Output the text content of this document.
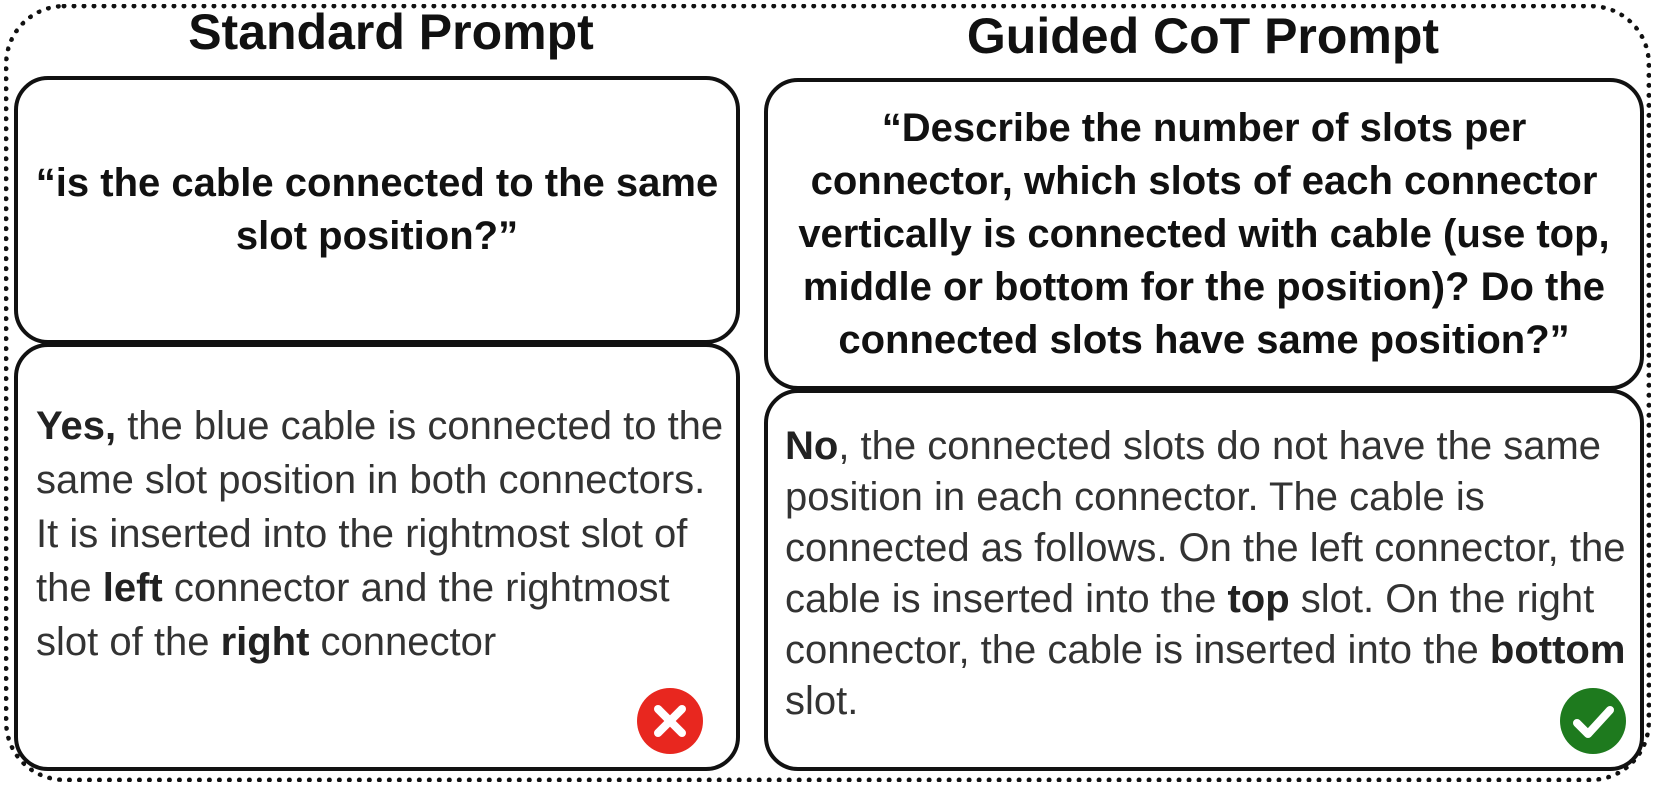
Standard Prompt	Guided CoT Prompt
“is the cable connected to the same slot position?”

Yes, the blue cable is connected to the same slot position in both connectors. It is inserted into the rightmost slot of the left connector and the rightmost slot of the right connector

“Describe the number of slots per connector, which slots of each connector vertically is connected with cable (use top, middle or bottom for the position)? Do the connected slots have same position?”

No, the connected slots do not have the same position in each connector. The cable is connected as follows. On the left connector, the cable is inserted into the top slot. On the right connector, the cable is inserted into the bottom slot.
